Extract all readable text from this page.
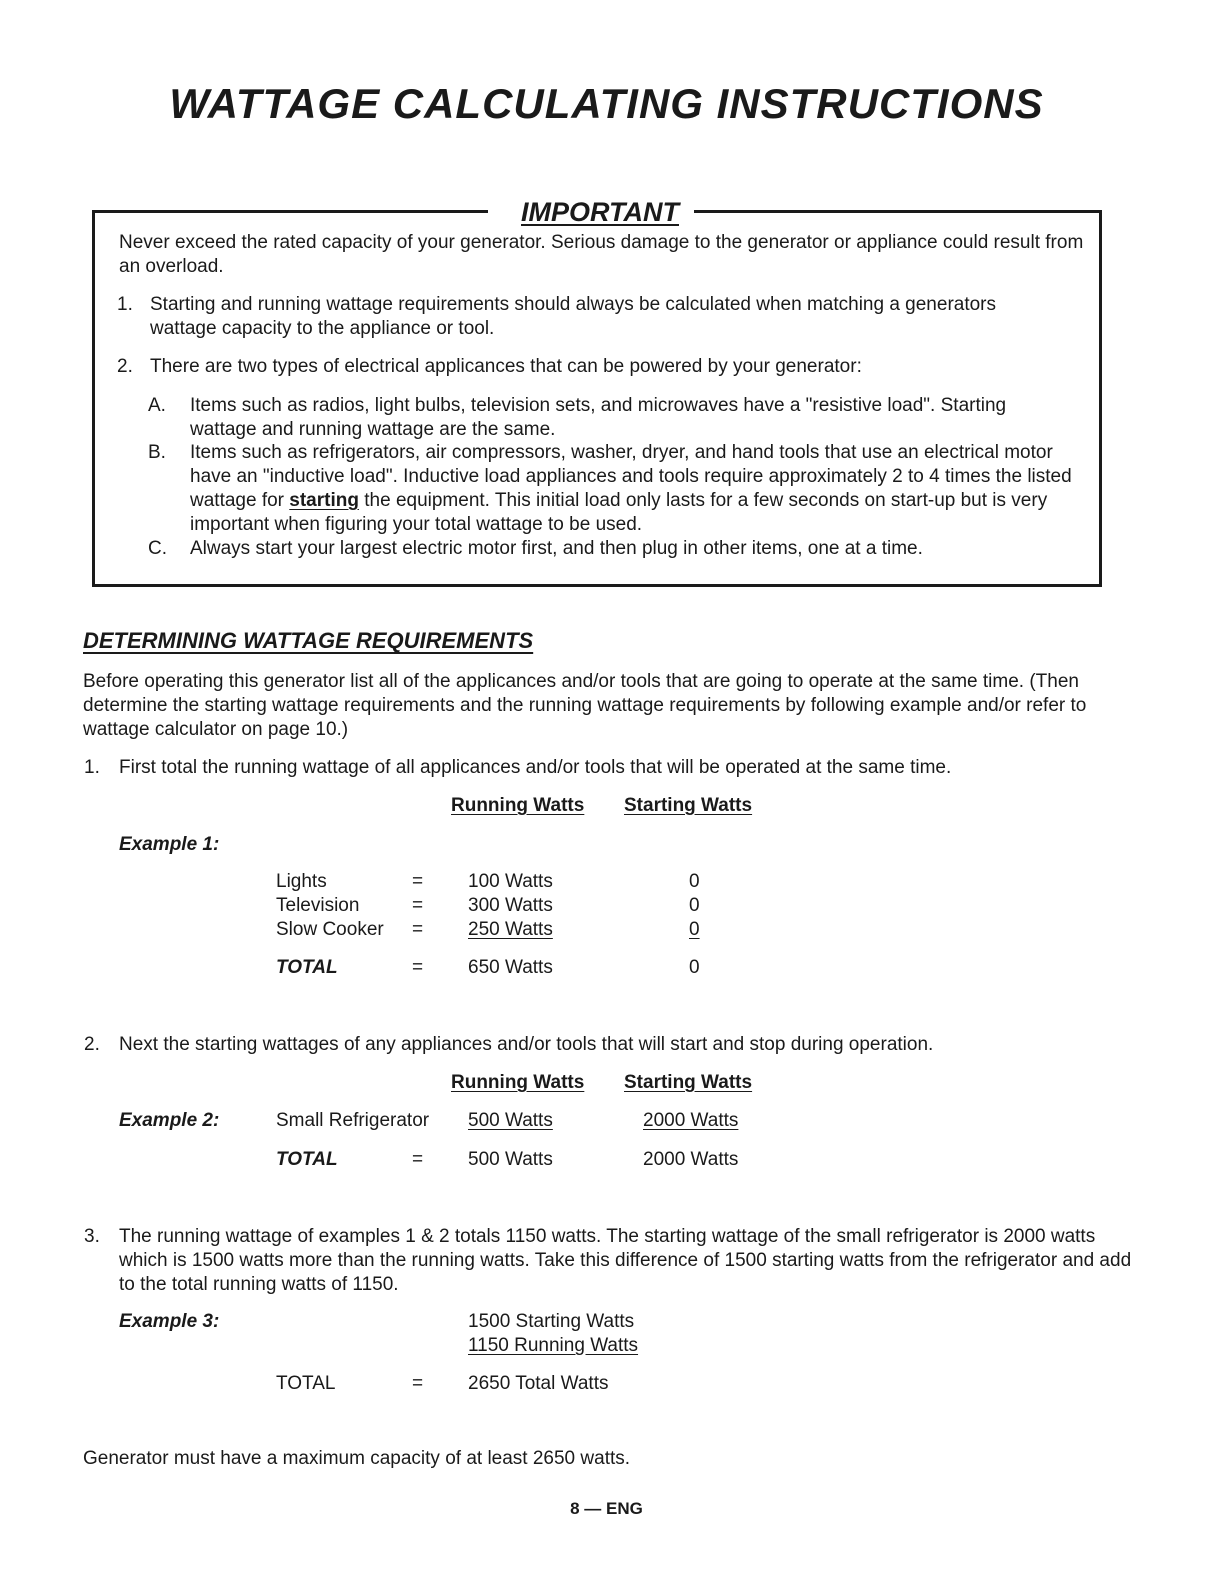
WATTAGE CALCULATING INSTRUCTIONS
IMPORTANT
Never exceed the rated capacity of your generator. Serious damage to the generator or appliance could result from an overload.
1. Starting and running wattage requirements should always be calculated when matching a generators wattage capacity to the appliance or tool.
2. There are two types of electrical applicances that can be powered by your generator:
A. Items such as radios, light bulbs, television sets, and microwaves have a "resistive load". Starting wattage and running wattage are the same.
B. Items such as refrigerators, air compressors, washer, dryer, and hand tools that use an electrical motor have an "inductive load". Inductive load appliances and tools require approximately 2 to 4 times the listed wattage for starting the equipment. This initial load only lasts for a few seconds on start-up but is very important when figuring your total wattage to be used.
C. Always start your largest electric motor first, and then plug in other items, one at a time.
DETERMINING WATTAGE REQUIREMENTS
Before operating this generator list all of the applicances and/or tools that are going to operate at the same time. (Then determine the starting wattage requirements and the running wattage requirements by following example and/or refer to wattage calculator on page 10.)
1. First total the running wattage of all applicances and/or tools that will be operated at the same time.
Running Watts Starting Watts
Example 1:
Lights	= 100 Watts	0
Television	= 300 Watts	0
Slow Cooker = 250 Watts	0
TOTAL	= 650 Watts	0
2. Next the starting wattages of any appliances and/or tools that will start and stop during operation.
Running Watts Starting Watts
Example 2:	Small Refrigerator 500 Watts	2000 Watts
TOTAL	= 500 Watts	2000 Watts
3. The running wattage of examples 1 & 2 totals 1150 watts. The starting wattage of the small refrigerator is 2000 watts which is 1500 watts more than the running watts. Take this difference of 1500 starting watts from the refrigerator and add to the total running watts of 1150.
Example 3:	1500 Starting Watts
1150 Running Watts
TOTAL	= 2650 Total Watts
Generator must have a maximum capacity of at least 2650 watts.
8 — ENG
